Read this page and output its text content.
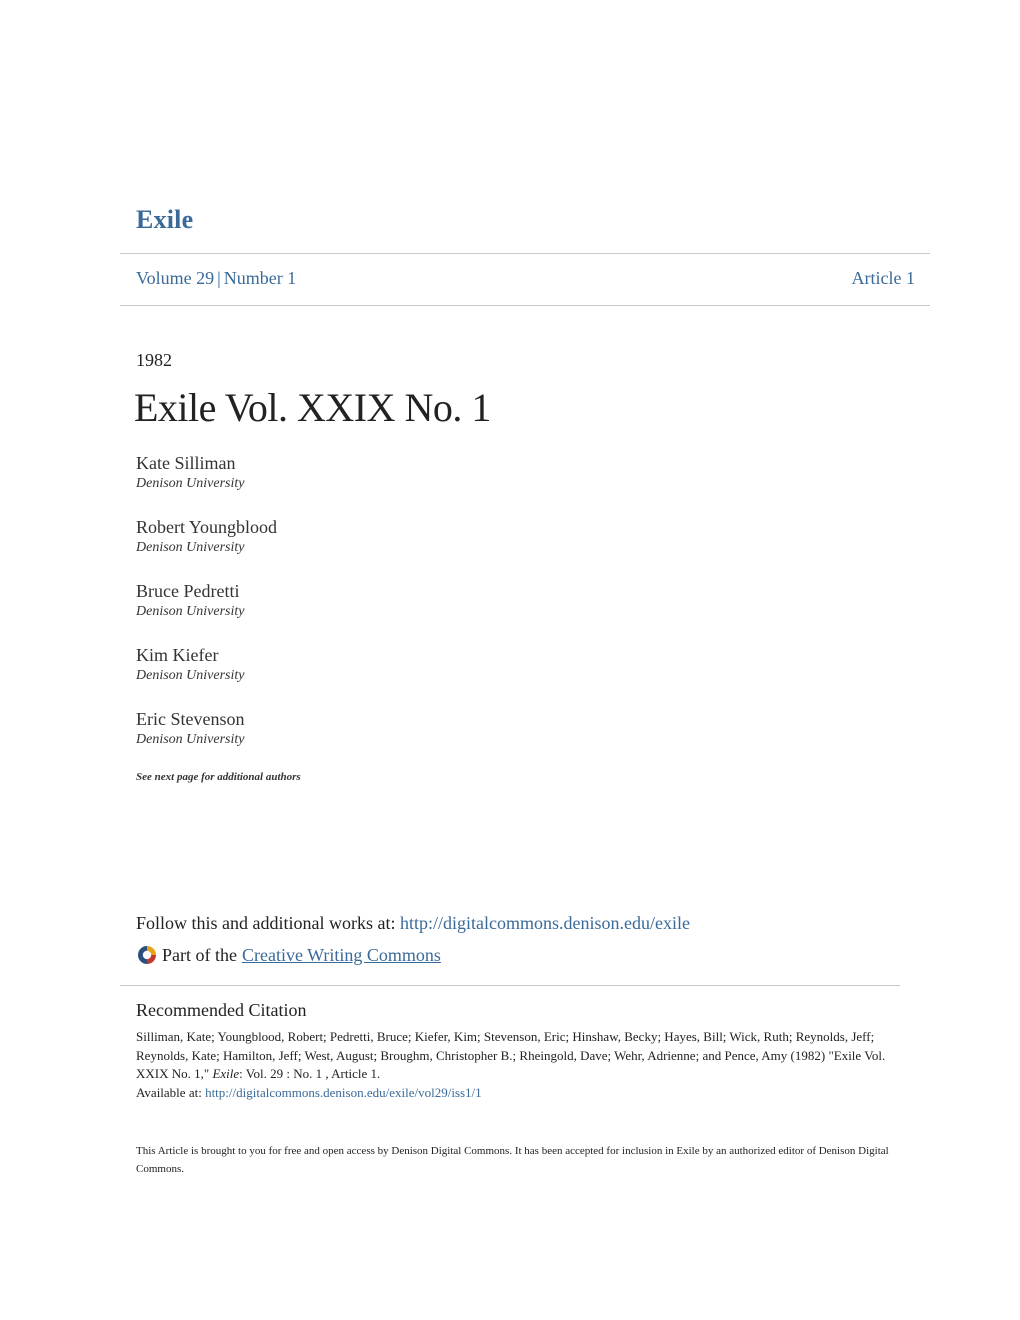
Exile
Volume 29 | Number 1	Article 1
1982
Exile Vol. XXIX No. 1
Kate Silliman
Denison University
Robert Youngblood
Denison University
Bruce Pedretti
Denison University
Kim Kiefer
Denison University
Eric Stevenson
Denison University
See next page for additional authors
Follow this and additional works at: http://digitalcommons.denison.edu/exile
Part of the Creative Writing Commons
Recommended Citation
Silliman, Kate; Youngblood, Robert; Pedretti, Bruce; Kiefer, Kim; Stevenson, Eric; Hinshaw, Becky; Hayes, Bill; Wick, Ruth; Reynolds, Jeff; Reynolds, Kate; Hamilton, Jeff; West, August; Broughm, Christopher B.; Rheingold, Dave; Wehr, Adrienne; and Pence, Amy (1982) "Exile Vol. XXIX No. 1," Exile: Vol. 29 : No. 1 , Article 1.
Available at: http://digitalcommons.denison.edu/exile/vol29/iss1/1
This Article is brought to you for free and open access by Denison Digital Commons. It has been accepted for inclusion in Exile by an authorized editor of Denison Digital Commons.
